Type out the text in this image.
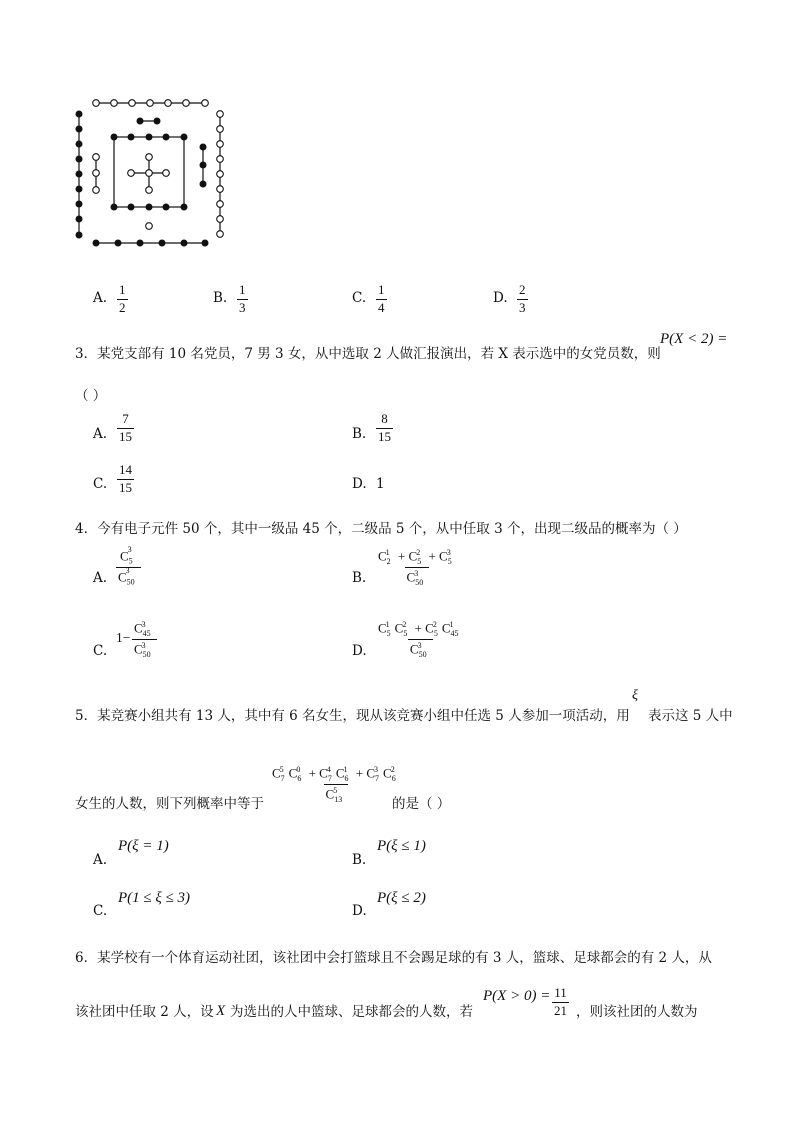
A. $\frac{1}{2}$	B. $\frac{1}{3}$	C. $\frac{1}{4}$	D. $\frac{2}{3}$
3．某党支部有 10 名党员，7 男 3 女，从中选取 2 人做汇报演出，若 X 表示选中的女党员数，则
P(X < 2) =
（ ）
A. $\frac{7}{15}$	B. $\frac{8}{15}$
C. $\frac{14}{15}$	D. 1
4．今有电子元件 50 个，其中一级品 45 个，二级品 5 个，从中任取 3 个，出现二级品的概率为（ ）
A. $\frac{C_5^3}{C_{50}^3}$	B. $\frac{C_2^1 + C_5^2 + C_5^3}{C_{50}^3}$
C.
$1- \frac{C_{45}^3}{C_{50}^3}$	D. $\frac{C_5^1 C_5^2 + C_5^2 C_{45}^1}{C_{50}^3}$
5．某竞赛小组共有 13 人，其中有 6 名女生，现从该竞赛小组中任选 5 人参加一项活动，用
ξ
表示这 5 人中
女生的人数，则下列概率中等于 $\frac{C_7^5 C_6^0 + C_7^4 C_6^1 + C_7^3 C_6^2}{C_{13}^5}$
的是（ ）
A.
P(ξ = 1)
B.
P(ξ ≤ 1)
C.
P(1 ≤ ξ ≤ 3)
D.
P(ξ ≤ 2)
6．某学校有一个体育运动社团，该社团中会打篮球且不会踢足球的有 3 人，篮球、足球都会的有 2 人，从
该社团中任取 2 人，设 X 为选出的人中篮球、足球都会的人数，若
$P(X > 0) = \frac{11}{21}$ ，则该社团的人数为
